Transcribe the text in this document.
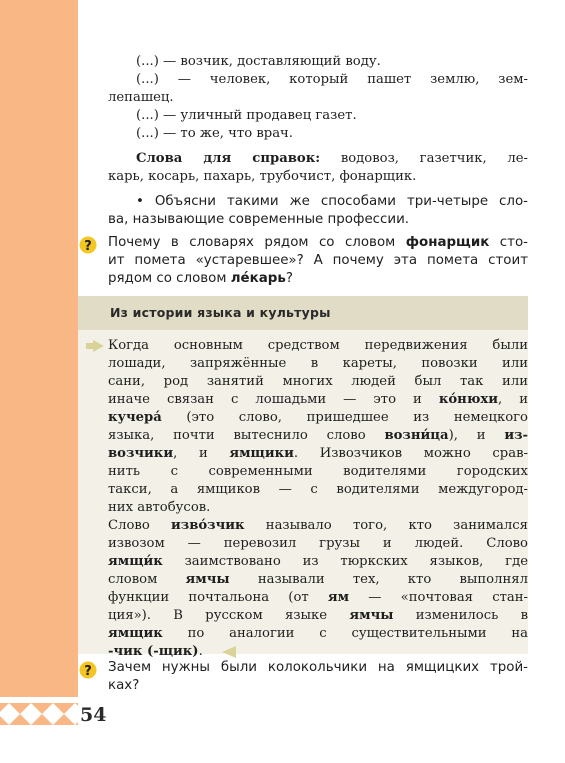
54
(...) — возчик, доставляющий воду.
(...) — человек, который пашет землю, зем-
лепашец.
(...) — уличный продавец газет.
(...) — то же, что врач.
Слова для справок: водовоз, газетчик, ле-
карь, косарь, пахарь, трубочист, фонарщик.
• Объясни такими же способами три-четыре сло-
ва, называющие современные профессии.
? Почему в словарях рядом со словом фонарщик сто-
ит помета «устаревшее»? А почему эта помета стоит
рядом со словом ле́карь?
Из истории языка и культуры
Когда основным средством передвижения были
лошади, запряжённые в кареты, повозки или
сани, род занятий многих людей был так или
иначе связан с лошадьми — это и ко́нюхи, и
кучера́ (это слово, пришедшее из немецкого
языка, почти вытеснило слово возни́ца), и из-
возчики, и ямщики. Извозчиков можно срав-
нить с современными водителями городских
такси, а ямщиков — с водителями междугород-
них автобусов.
Слово изво́зчик называло того, кто занимался
извозом — перевозил грузы и людей. Слово
ямщи́к заимствовано из тюркских языков, где
словом ямчы называли тех, кто выполнял
функции почтальона (от ям — «почтовая стан-
ция»). В русском языке ямчы изменилось в
ямщик по аналогии с существительными на
-чик (-щик).
? Зачем нужны были колокольчики на ямщицких трой-
ках?
